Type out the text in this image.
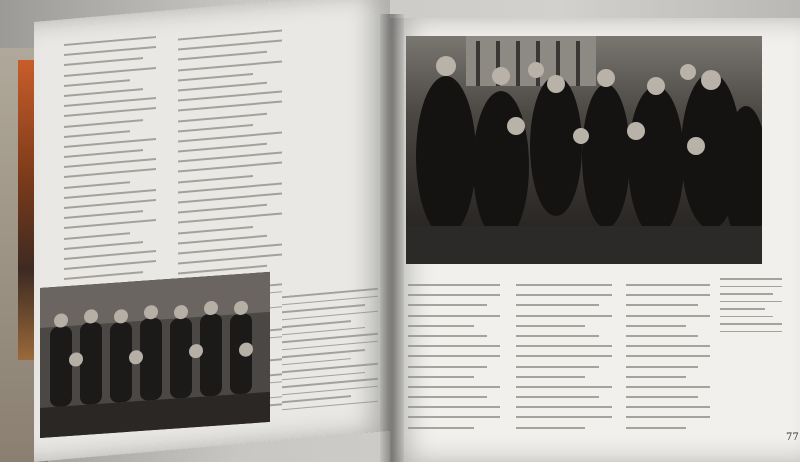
77
